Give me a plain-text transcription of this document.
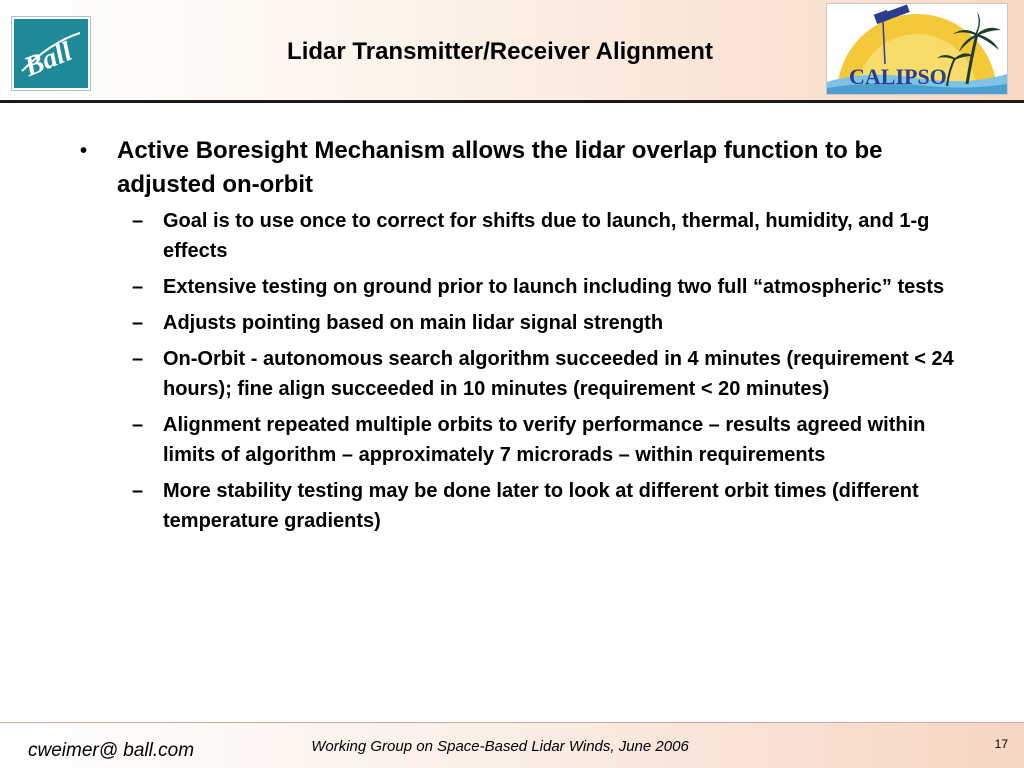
Ball	Lidar Transmitter/Receiver Alignment
CALIPSO
• Active Boresight Mechanism allows the lidar overlap function to be adjusted on-orbit
– Goal is to use once to correct for shifts due to launch, thermal, humidity, and 1-g effects
– Extensive testing on ground prior to launch including two full “atmospheric” tests
– Adjusts pointing based on main lidar signal strength
– On-Orbit - autonomous search algorithm succeeded in 4 minutes (requirement < 24 hours); fine align succeeded in 10 minutes (requirement < 20 minutes)
– Alignment repeated multiple orbits to verify performance – results agreed within limits of algorithm – approximately 7 microrads – within requirements
– More stability testing may be done later to look at different orbit times (different temperature gradients)
cweimer@ ball.com	Working Group on Space-Based Lidar Winds, June 2006	17
